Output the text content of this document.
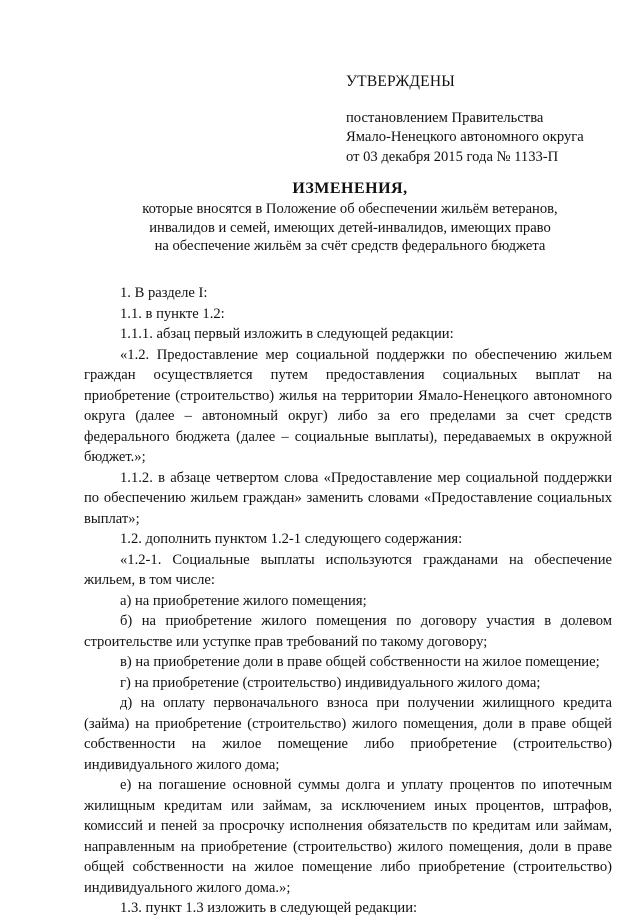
УТВЕРЖДЕНЫ
постановлением Правительства
Ямало-Ненецкого автономного округа
от 03 декабря 2015 года № 1133-П
ИЗМЕНЕНИЯ,
которые вносятся в Положение об обеспечении жильём ветеранов,
инвалидов и семей, имеющих детей-инвалидов, имеющих право
на обеспечение жильём за счёт средств федерального бюджета

1. В разделе I:

1.1. в пункте 1.2:

1.1.1. абзац первый изложить в следующей редакции:

«1.2. Предоставление мер социальной поддержки по обеспечению жильем граждан осуществляется путем предоставления социальных выплат на приобретение (строительство) жилья на территории Ямало-Ненецкого автономного округа (далее – автономный округ) либо за его пределами за счет средств федерального бюджета (далее – социальные выплаты), передаваемых в окружной бюджет.»;

1.1.2. в абзаце четвертом слова «Предоставление мер социальной поддержки по обеспечению жильем граждан» заменить словами «Предоставление социальных выплат»;

1.2. дополнить пунктом 1.2-1 следующего содержания:

«1.2-1. Социальные выплаты используются гражданами на обеспечение жильем, в том числе:

а) на приобретение жилого помещения;

б) на приобретение жилого помещения по договору участия в долевом строительстве или уступке прав требований по такому договору;

в) на приобретение доли в праве общей собственности на жилое помещение;

г) на приобретение (строительство) индивидуального жилого дома;

д) на оплату первоначального взноса при получении жилищного кредита (займа) на приобретение (строительство) жилого помещения, доли в праве общей собственности на жилое помещение либо приобретение (строительство) индивидуального жилого дома;

е) на погашение основной суммы долга и уплату процентов по ипотечным жилищным кредитам или займам, за исключением иных процентов, штрафов, комиссий и пеней за просрочку исполнения обязательств по кредитам или займам, направленным на приобретение (строительство) жилого помещения, доли в праве общей собственности на жилое помещение либо приобретение (строительство) индивидуального жилого дома.»;

1.3. пункт 1.3 изложить в следующей редакции:
